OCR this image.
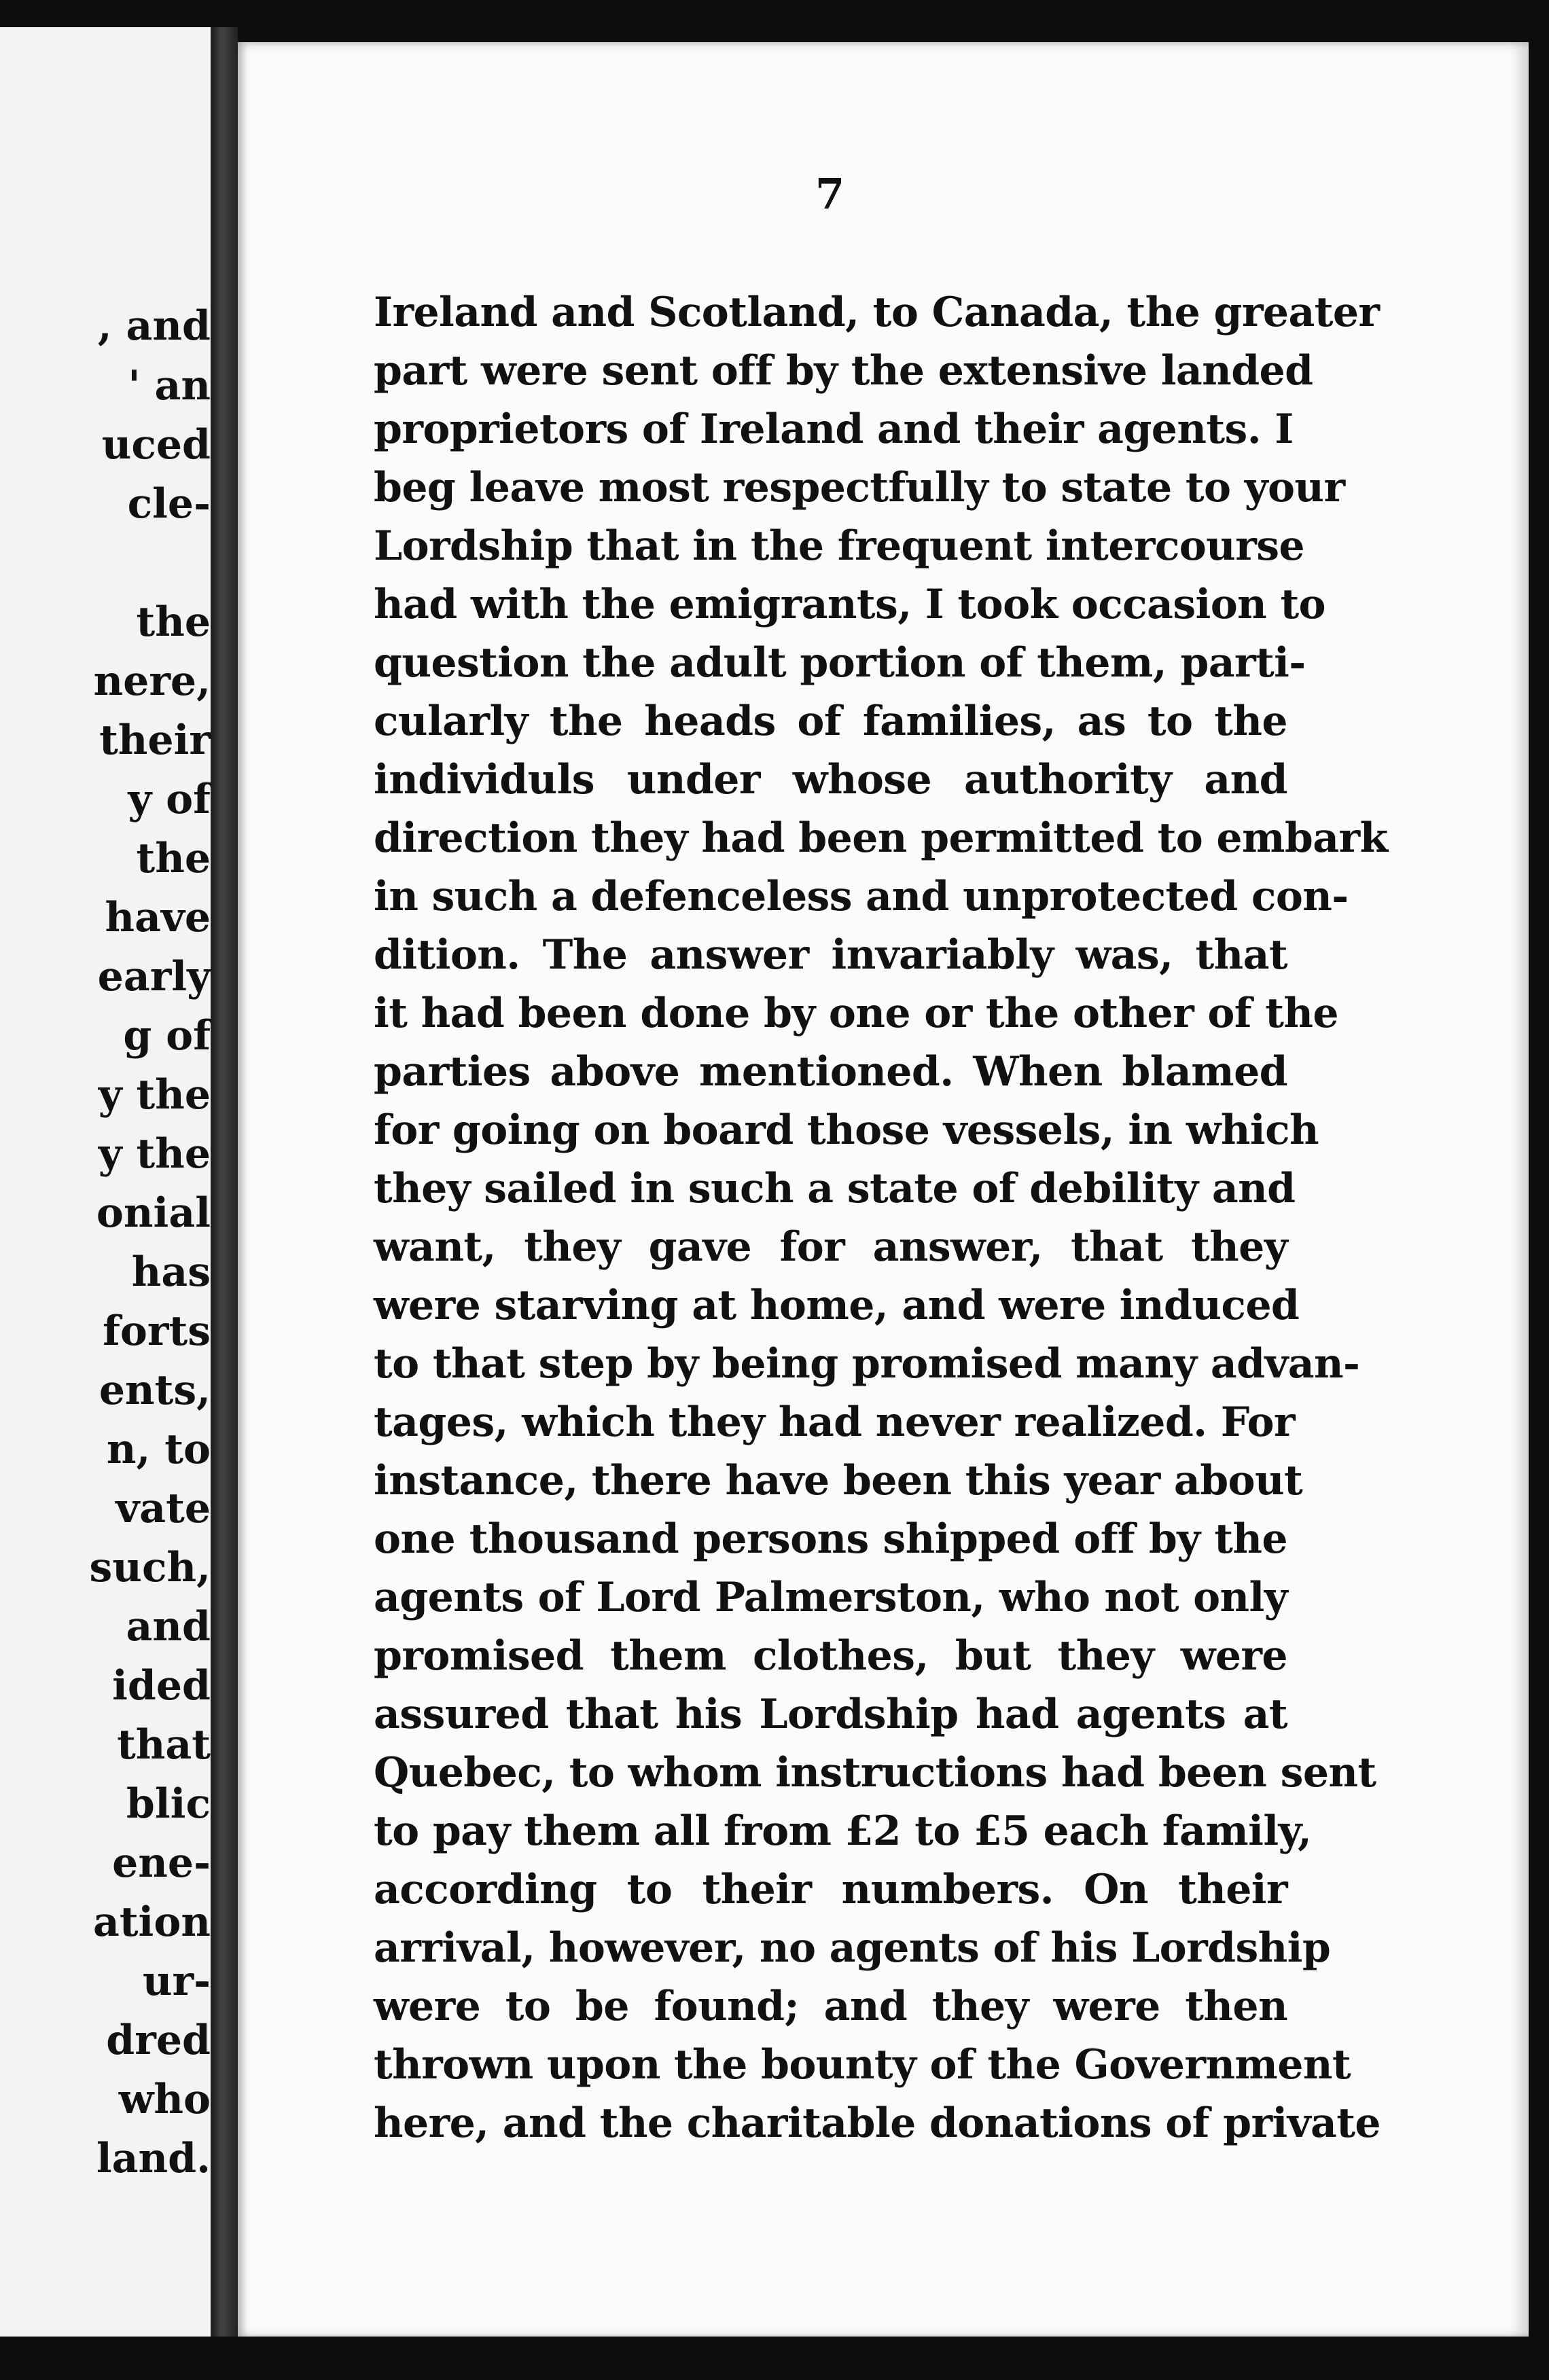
, and

' an

uced

cle-

the

nere,

their

y of

the

have

early

g of

y the

y the

onial

has

forts

ents,

n, to

vate

such,

and

ided

that

blic

ene-

ation

ur-

dred

who

land.

7

Ireland and Scotland, to Canada, the greater

part were sent off by the extensive landed

proprietors of Ireland and their agents. I

beg leave most respectfully to state to your

Lordship that in the frequent intercourse

had with the emigrants, I took occasion to

question the adult portion of them, parti-

cularly the heads of families, as to the

individuls under whose authority and

direction they had been permitted to embark

in such a defenceless and unprotected con-

dition. The answer invariably was, that

it had been done by one or the other of the

parties above mentioned. When blamed

for going on board those vessels, in which

they sailed in such a state of debility and

want, they gave for answer, that they

were starving at home, and were induced

to that step by being promised many advan-

tages, which they had never realized. For

instance, there have been this year about

one thousand persons shipped off by the

agents of Lord Palmerston, who not only

promised them clothes, but they were

assured that his Lordship had agents at

Quebec, to whom instructions had been sent

to pay them all from £2 to £5 each family,

according to their numbers. On their

arrival, however, no agents of his Lordship

were to be found; and they were then

thrown upon the bounty of the Government

here, and the charitable donations of private
